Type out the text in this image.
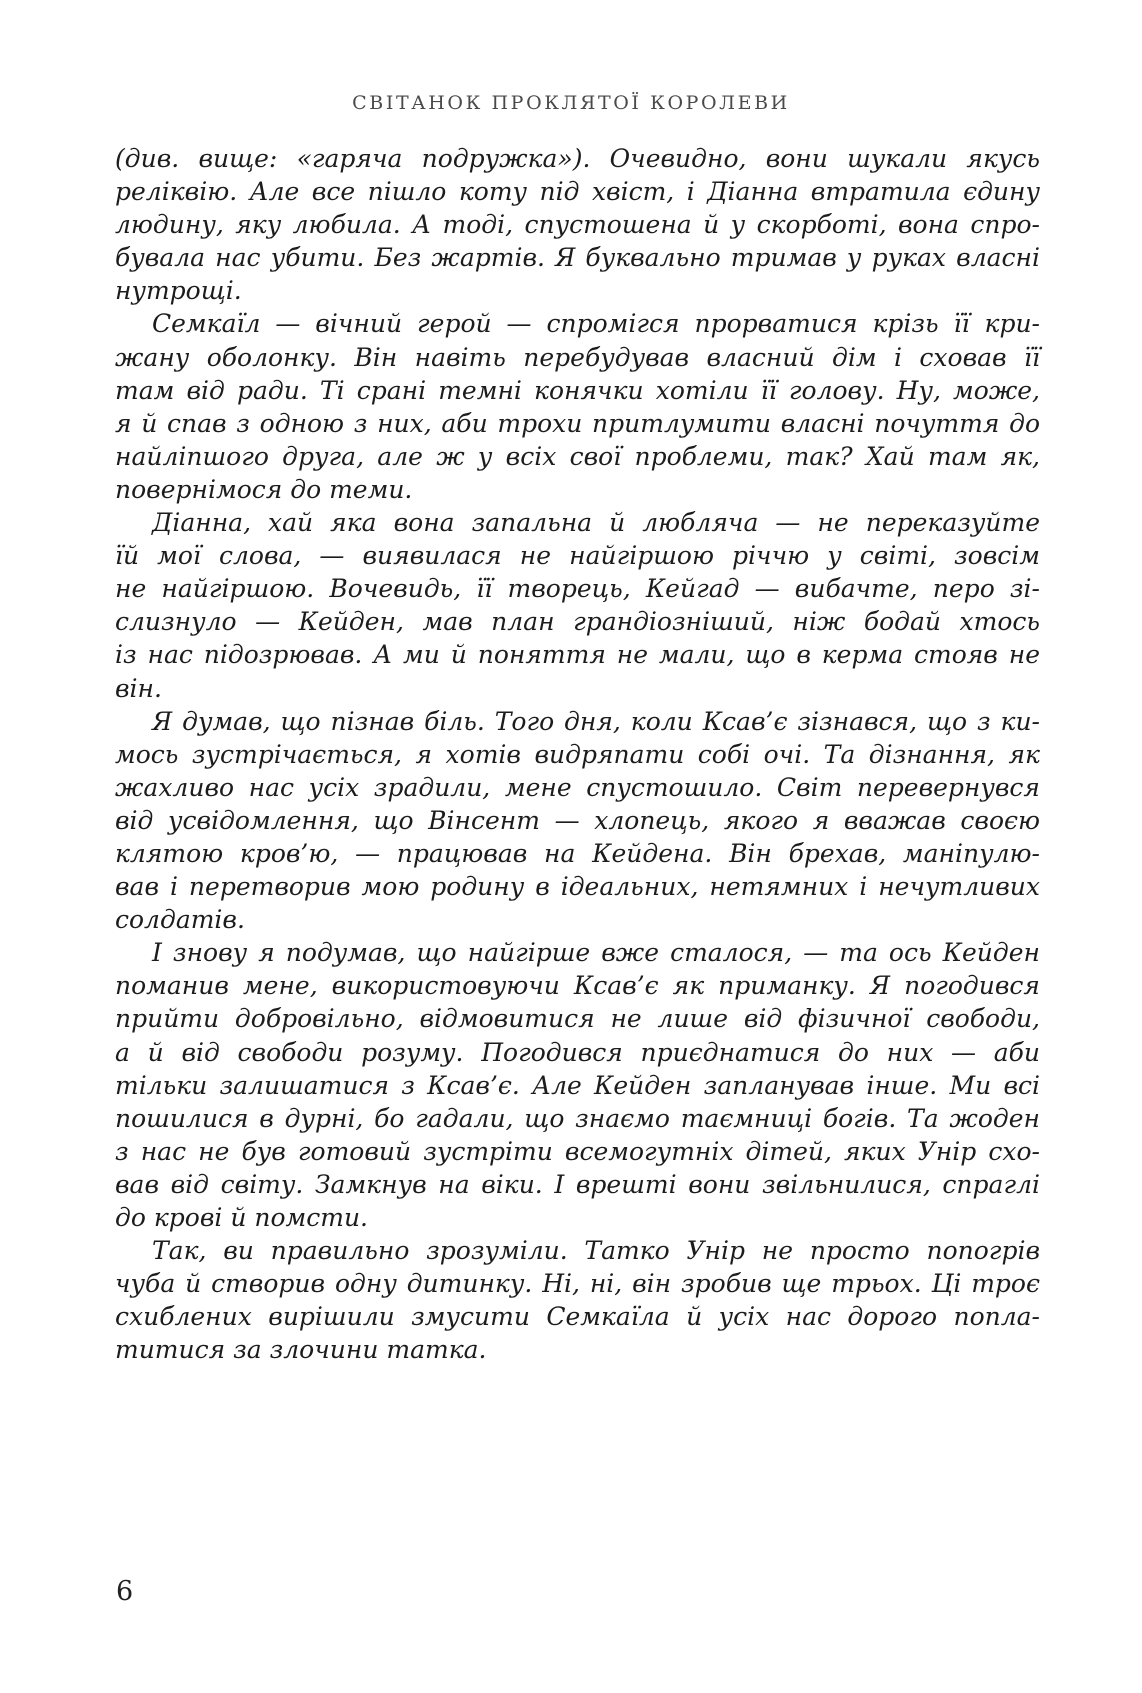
СВІТАНОК ПРОКЛЯТОЇ КОРОЛЕВИ
(див. вище: «гаряча подружка»). Очевидно, вони шукали якусь
реліквію. Але все пішло коту під хвіст, і Діанна втратила єдину
людину, яку любила. А тоді, спустошена й у скорботі, вона спро-
бувала нас убити. Без жартів. Я буквально тримав у руках власні
нутрощі.
Семкаїл — вічний герой — спромігся прорватися крізь її кри-
жану оболонку. Він навіть перебудував власний дім і сховав її
там від ради. Ті срані темні конячки хотіли її голову. Ну, може,
я й спав з одною з них, аби трохи притлумити власні почуття до
найліпшого друга, але ж у всіх свої проблеми, так? Хай там як,
повернімося до теми.
Діанна, хай яка вона запальна й любляча — не переказуйте
їй мої слова, — виявилася не найгіршою річчю у світі, зовсім
не найгіршою. Вочевидь, її творець, Кейгад — вибачте, перо зі-
слизнуло — Кейден, мав план грандіозніший, ніж бодай хтось
із нас підозрював. А ми й поняття не мали, що в керма стояв не
він.
Я думав, що пізнав біль. Того дня, коли Ксав’є зізнався, що з ки-
мось зустрічається, я хотів видряпати собі очі. Та дізнання, як
жахливо нас усіх зрадили, мене спустошило. Світ перевернувся
від усвідомлення, що Вінсент — хлопець, якого я вважав своєю
клятою кров’ю, — працював на Кейдена. Він брехав, маніпулю-
вав і перетворив мою родину в ідеальних, нетямних і нечутливих
солдатів.
І знову я подумав, що найгірше вже сталося, — та ось Кейден
поманив мене, використовуючи Ксав’є як приманку. Я погодився
прийти добровільно, відмовитися не лише від фізичної свободи,
а й від свободи розуму. Погодився приєднатися до них — аби
тільки залишатися з Ксав’є. Але Кейден запланував інше. Ми всі
пошилися в дурні, бо гадали, що знаємо таємниці богів. Та жоден
з нас не був готовий зустріти всемогутніх дітей, яких Унір схо-
вав від світу. Замкнув на віки. І врешті вони звільнилися, спраглі
до крові й помсти.
Так, ви правильно зрозуміли. Татко Унір не просто попогрів
чуба й створив одну дитинку. Ні, ні, він зробив ще трьох. Ці троє
схиблених вирішили змусити Семкаїла й усіх нас дорого попла-
титися за злочини татка.
6
